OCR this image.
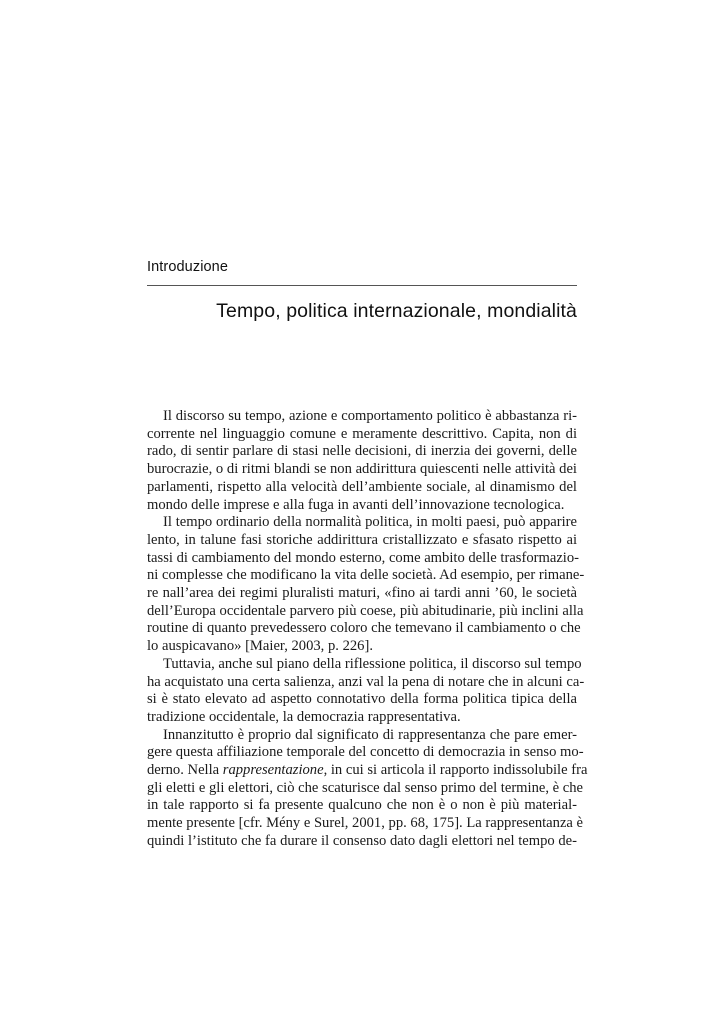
Introduzione
Tempo, politica internazionale, mondialità

Il discorso su tempo, azione e comportamento politico è abbastanza ri-
corrente nel linguaggio comune e meramente descrittivo. Capita, non di
rado, di sentir parlare di stasi nelle decisioni, di inerzia dei governi, delle
burocrazie, o di ritmi blandi se non addirittura quiescenti nelle attività dei
parlamenti, rispetto alla velocità dell’ambiente sociale, al dinamismo del
mondo delle imprese e alla fuga in avanti dell’innovazione tecnologica.

Il tempo ordinario della normalità politica, in molti paesi, può apparire
lento, in talune fasi storiche addirittura cristallizzato e sfasato rispetto ai
tassi di cambiamento del mondo esterno, come ambito delle trasformazio-
ni complesse che modificano la vita delle società. Ad esempio, per rimane-
re nall’area dei regimi pluralisti maturi, «fino ai tardi anni ’60, le società
dell’Europa occidentale parvero più coese, più abitudinarie, più inclini alla
routine di quanto prevedessero coloro che temevano il cambiamento o che
lo auspicavano» [Maier, 2003, p. 226].

Tuttavia, anche sul piano della riflessione politica, il discorso sul tempo
ha acquistato una certa salienza, anzi val la pena di notare che in alcuni ca-
si è stato elevato ad aspetto connotativo della forma politica tipica della
tradizione occidentale, la democrazia rappresentativa.

Innanzitutto è proprio dal significato di rappresentanza che pare emer-
gere questa affiliazione temporale del concetto di democrazia in senso mo-
derno. Nella rappresentazione, in cui si articola il rapporto indissolubile fra
gli eletti e gli elettori, ciò che scaturisce dal senso primo del termine, è che
in tale rapporto si fa presente qualcuno che non è o non è più material-
mente presente [cfr. Mény e Surel, 2001, pp. 68, 175]. La rappresentanza è
quindi l’istituto che fa durare il consenso dato dagli elettori nel tempo de-
